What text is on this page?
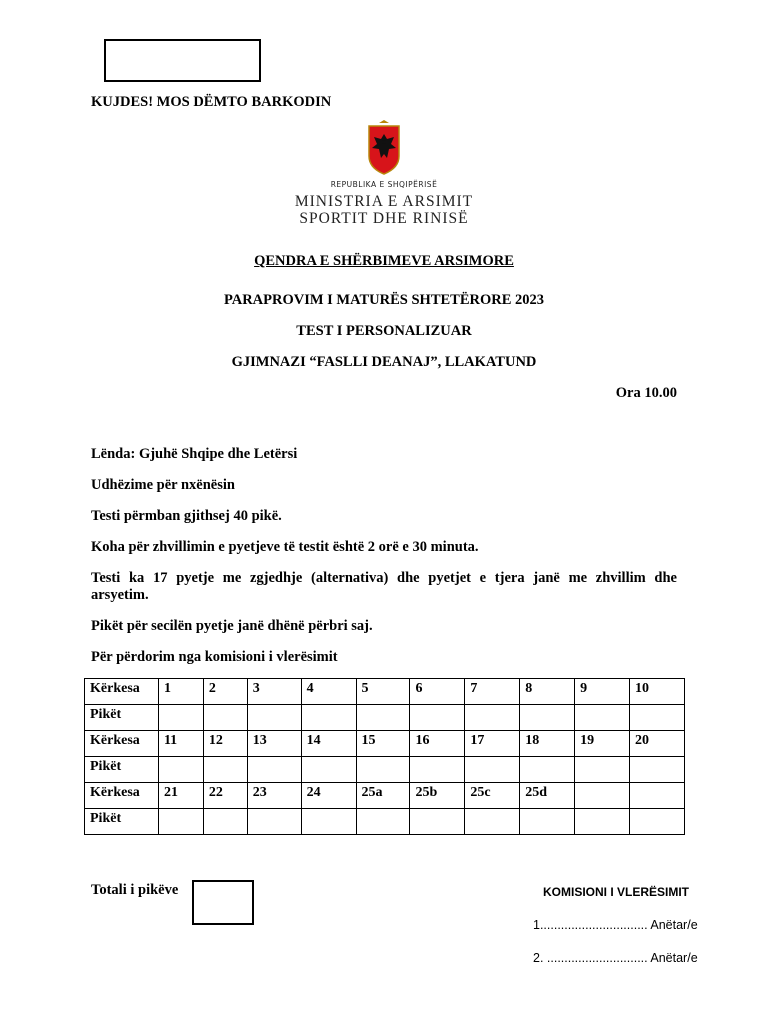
KUJDES! MOS DËMTO BARKODIN
REPUBLIKA E SHQIPËRISË
MINISTRIA E ARSIMIT
SPORTIT DHE RINISË
QENDRA E SHËRBIMEVE ARSIMORE
PARAPROVIM I MATURËS SHTETËRORE 2023
TEST I PERSONALIZUAR
GJIMNAZI “FASLLI DEANAJ”, LLAKATUND
Ora 10.00
Lënda: Gjuhë Shqipe dhe Letërsi
Udhëzime për nxënësin
Testi përmban gjithsej 40 pikë.
Koha për zhvillimin e pyetjeve të testit është 2 orë e 30 minuta.
Testi ka 17 pyetje me zgjedhje (alternativa) dhe pyetjet e tjera janë me zhvillim dhe
arsyetim.
Pikët për secilën pyetje janë dhënë përbri saj.
Për përdorim nga komisioni i vlerësimit
Kërkesa	1	2	3	4	5	6	7	8	9	10
Pikët										
Kërkesa	11	12	13	14	15	16	17	18	19	20
Pikët										
Kërkesa	21	22	23	24	25a	25b	25c	25d		
Pikët										
Totali i pikëve	KOMISIONI I VLERËSIMIT
1............................... Anëtar/e
2. ............................. Anëtar/e
